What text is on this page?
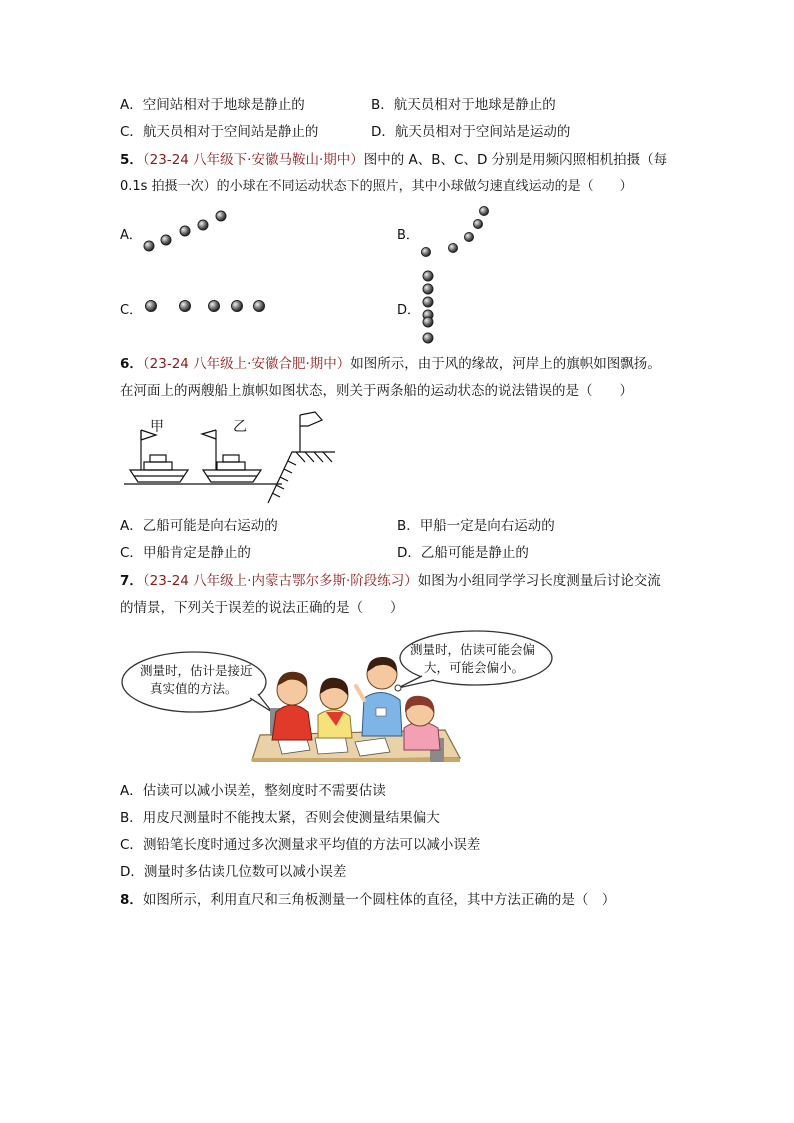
A．空间站相对于地球是静止的	B．航天员相对于地球是静止的
C．航天员相对于空间站是静止的	D．航天员相对于空间站是运动的
5．（23-24 八年级下·安徽马鞍山·期中）图中的 A、B、C、D 分别是用频闪照相机拍摄（每
0.1s 拍摄一次）的小球在不同运动状态下的照片，其中小球做匀速直线运动的是（　　）
A．	B．
C．	D．
6．（23-24 八年级上·安徽合肥·期中）如图所示，由于风的缘故，河岸上的旗帜如图飘扬。
在河面上的两艘船上旗帜如图状态，则关于两条船的运动状态的说法错误的是（　　）
甲	乙
A．乙船可能是向右运动的	B．甲船一定是向右运动的
C．甲船肯定是静止的	D．乙船可能是静止的
7．（23-24 八年级上·内蒙古鄂尔多斯·阶段练习）如图为小组同学学习长度测量后讨论交流
的情景，下列关于误差的说法正确的是（　　）
测量时，估计是接近
真实值的方法。
测量时，估读可能会偏
大，可能会偏小。
A．估读可以减小误差，整刻度时不需要估读
B．用皮尺测量时不能拽太紧，否则会使测量结果偏大
C．测铅笔长度时通过多次测量求平均值的方法可以减小误差
D．测量时多估读几位数可以减小误差
8．如图所示，利用直尺和三角板测量一个圆柱体的直径，其中方法正确的是（　）
